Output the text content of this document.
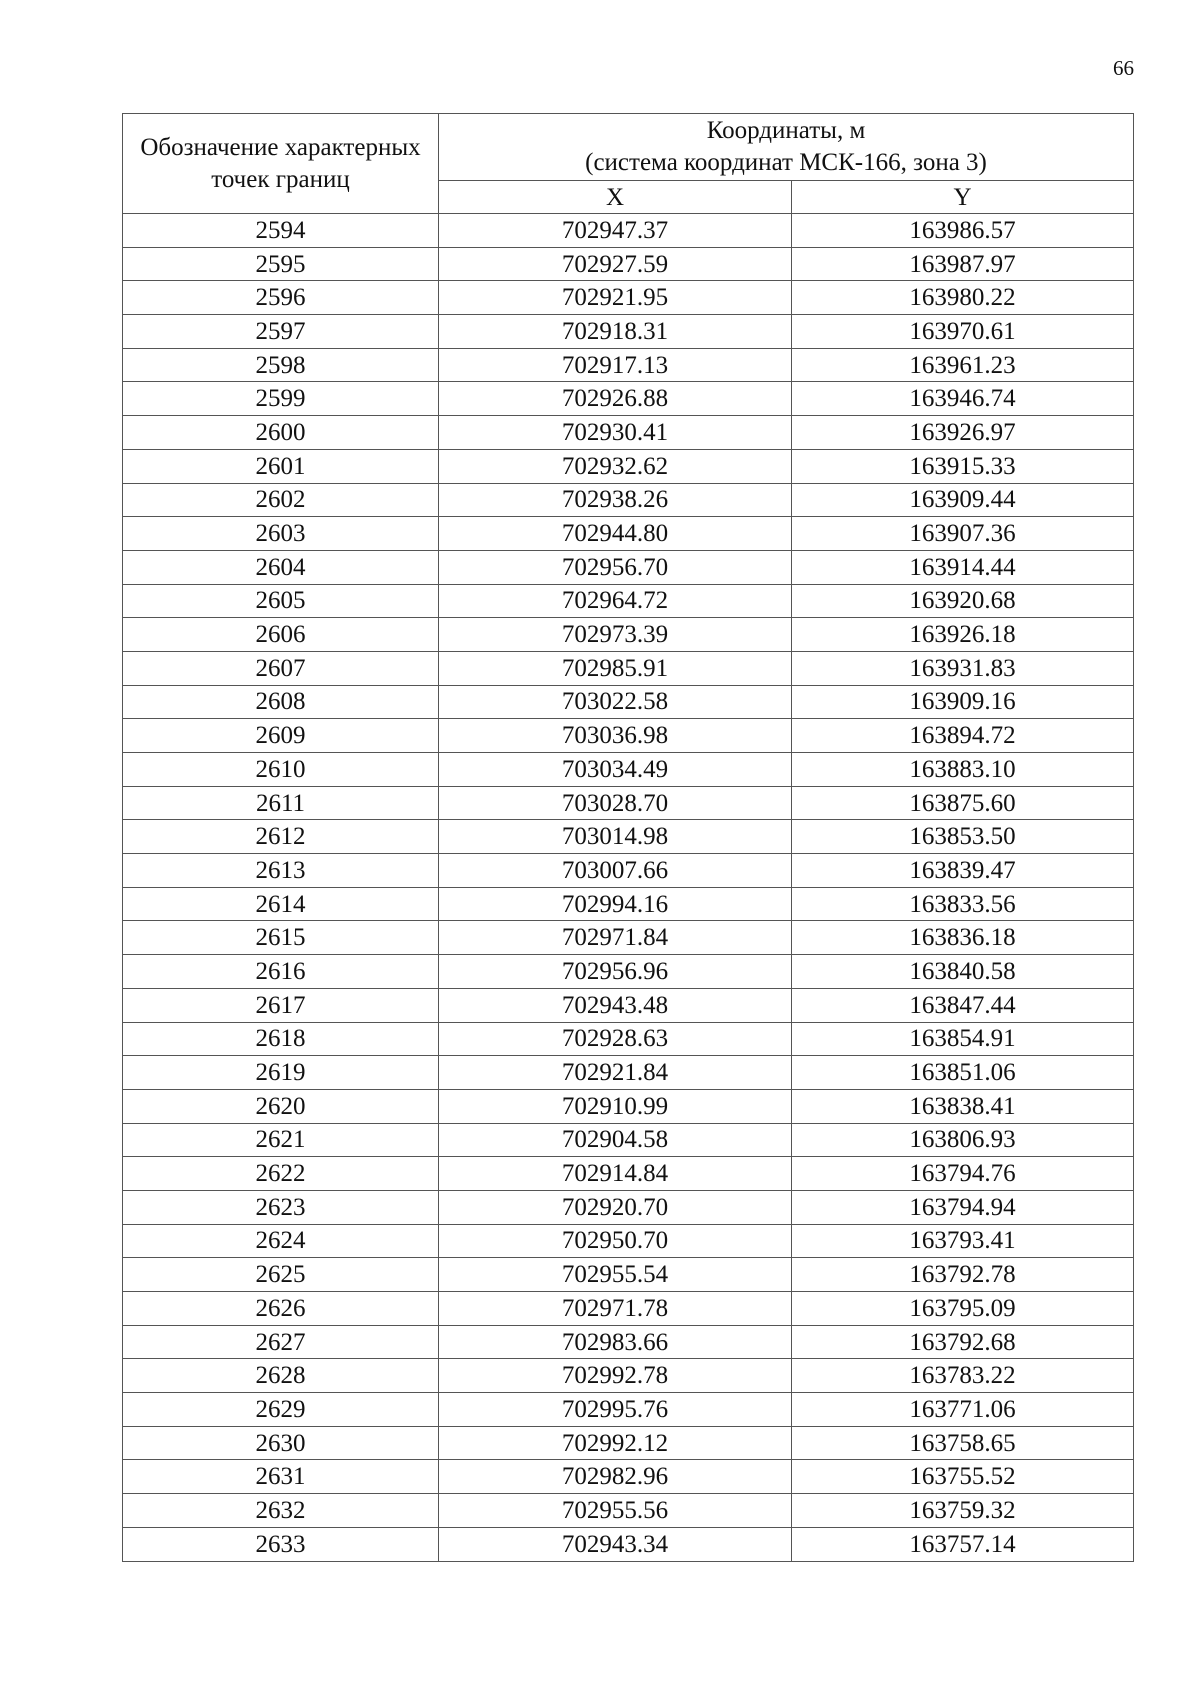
66
Обозначение характерных точек границ	Координаты, м
(система координат МСК-166, зона 3)	

	X	Y
2594	702947.37	163986.57
2595	702927.59	163987.97
2596	702921.95	163980.22
2597	702918.31	163970.61
2598	702917.13	163961.23
2599	702926.88	163946.74
2600	702930.41	163926.97
2601	702932.62	163915.33
2602	702938.26	163909.44
2603	702944.80	163907.36
2604	702956.70	163914.44
2605	702964.72	163920.68
2606	702973.39	163926.18
2607	702985.91	163931.83
2608	703022.58	163909.16
2609	703036.98	163894.72
2610	703034.49	163883.10
2611	703028.70	163875.60
2612	703014.98	163853.50
2613	703007.66	163839.47
2614	702994.16	163833.56
2615	702971.84	163836.18
2616	702956.96	163840.58
2617	702943.48	163847.44
2618	702928.63	163854.91
2619	702921.84	163851.06
2620	702910.99	163838.41
2621	702904.58	163806.93
2622	702914.84	163794.76
2623	702920.70	163794.94
2624	702950.70	163793.41
2625	702955.54	163792.78
2626	702971.78	163795.09
2627	702983.66	163792.68
2628	702992.78	163783.22
2629	702995.76	163771.06
2630	702992.12	163758.65
2631	702982.96	163755.52
2632	702955.56	163759.32
2633	702943.34	163757.14
